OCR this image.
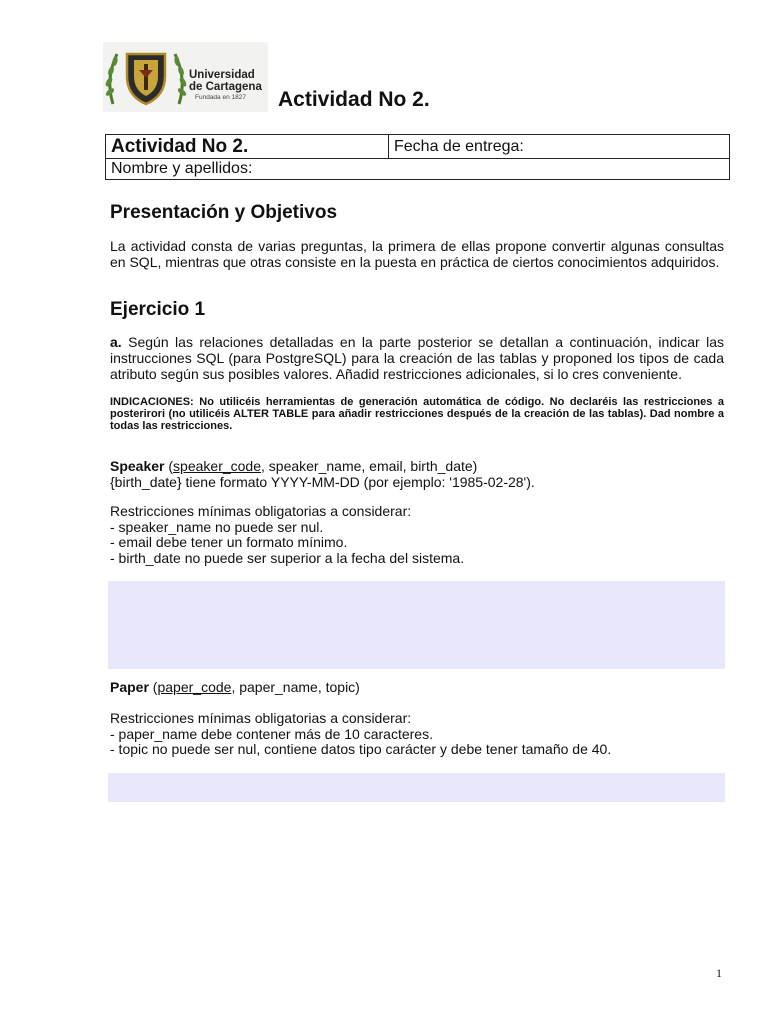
Universidad
de Cartagena
Fundada en 1827 Actividad No 2.
Actividad No 2.	Fecha de entrega:
Nombre y apellidos:
Presentación y Objetivos

La actividad consta de varias preguntas, la primera de ellas propone convertir algunas consultas en SQL, mientras que otras consiste en la puesta en práctica de ciertos conocimientos adquiridos.

Ejercicio 1

a. Según las relaciones detalladas en la parte posterior se detallan a continuación, indicar las instrucciones SQL (para PostgreSQL) para la creación de las tablas y proponed los tipos de cada atributo según sus posibles valores. Añadid restricciones adicionales, si lo cres conveniente.

INDICACIONES: No utilicéis herramientas de generación automática de código. No declaréis las restricciones a posterirori (no utilicéis ALTER TABLE para añadir restricciones después de la creación de las tablas). Dad nombre a todas las restricciones.
Speaker (speaker_code, speaker_name, email, birth_date)
{birth_date} tiene formato YYYY-MM-DD (por ejemplo: '1985-02-28').
Restricciones mínimas obligatorias a considerar:
- speaker_name no puede ser nul.
- email debe tener un formato mínimo.
- birth_date no puede ser superior a la fecha del sistema.
Paper (paper_code, paper_name, topic)
Restricciones mínimas obligatorias a considerar:
- paper_name debe contener más de 10 caracteres.
- topic no puede ser nul, contiene datos tipo carácter y debe tener tamaño de 40.
1
